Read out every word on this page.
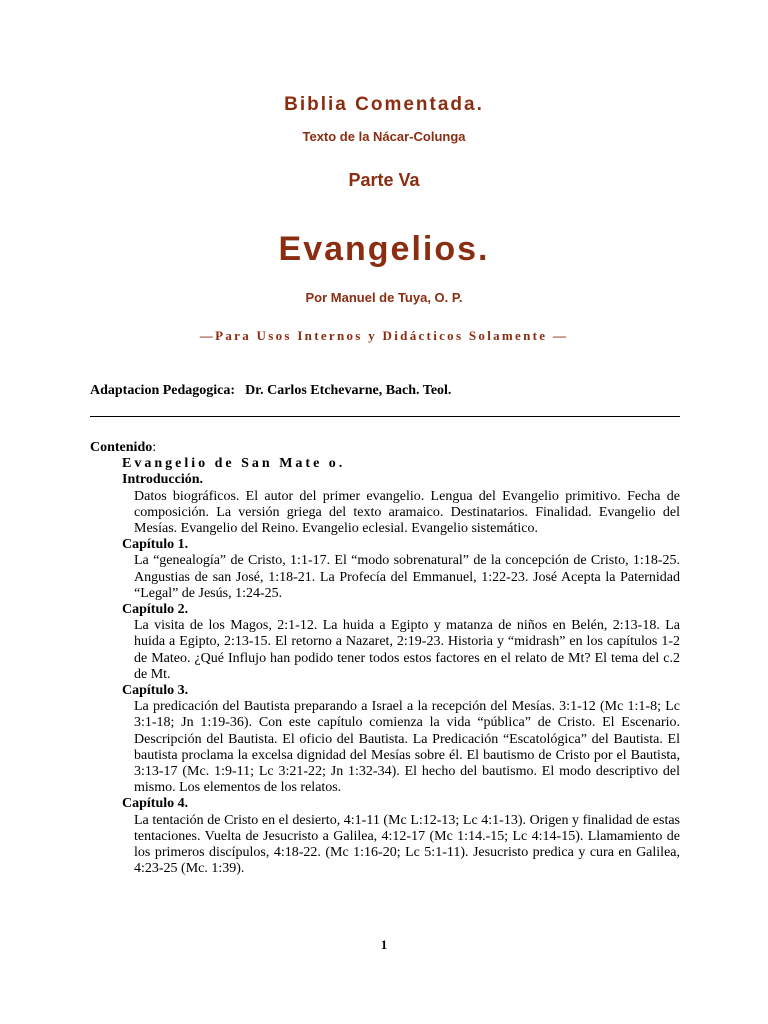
Biblia Comentada.
Texto de la Nácar-Colunga
Parte Va
Evangelios.
Por Manuel de Tuya, O. P.
—Para Usos Internos y Didácticos Solamente —
Adaptacion Pedagogica: Dr. Carlos Etchevarne, Bach. Teol.
Contenido:
Evangelio de San Mate o.
Introducción.
Datos biográficos. El autor del primer evangelio. Lengua del Evangelio primitivo. Fecha de composición. La versión griega del texto aramaico. Destinatarios. Finalidad. Evangelio del Mesías. Evangelio del Reino. Evangelio eclesial. Evangelio sistemático.
Capítulo 1.
La “genealogía” de Cristo, 1:1-17. El “modo sobrenatural” de la concepción de Cristo, 1:18-25. Angustias de san José, 1:18-21. La Profecía del Emmanuel, 1:22-23. José Acepta la Paternidad “Legal” de Jesús, 1:24-25.
Capítulo 2.
La visita de los Magos, 2:1-12. La huida a Egipto y matanza de niños en Belén, 2:13-18. La huida a Egipto, 2:13-15. El retorno a Nazaret, 2:19-23. Historia y “midrash” en los capítulos 1-2 de Mateo. ¿Qué Influjo han podido tener todos estos factores en el relato de Mt? El tema del c.2 de Mt.
Capítulo 3.
La predicación del Bautista preparando a Israel a la recepción del Mesías. 3:1-12 (Mc 1:1-8; Lc 3:1-18; Jn 1:19-36). Con este capítulo comienza la vida “pública” de Cristo. El Escenario. Descripción del Bautista. El oficio del Bautista. La Predicación “Escatológica” del Bautista. El bautista proclama la excelsa dignidad del Mesías sobre él. El bautismo de Cristo por el Bautista, 3:13-17 (Mc. 1:9-11; Lc 3:21-22; Jn 1:32-34). El hecho del bautismo. El modo descriptivo del mismo. Los elementos de los relatos.
Capítulo 4.
La tentación de Cristo en el desierto, 4:1-11 (Mc L:12-13; Lc 4:1-13). Origen y finalidad de estas tentaciones. Vuelta de Jesucristo a Galilea, 4:12-17 (Mc 1:14.-15; Lc 4:14-15). Llamamiento de los primeros discípulos, 4:18-22. (Mc 1:16-20; Lc 5:1-11). Jesucristo predica y cura en Galilea, 4:23-25 (Mc. 1:39).
1
